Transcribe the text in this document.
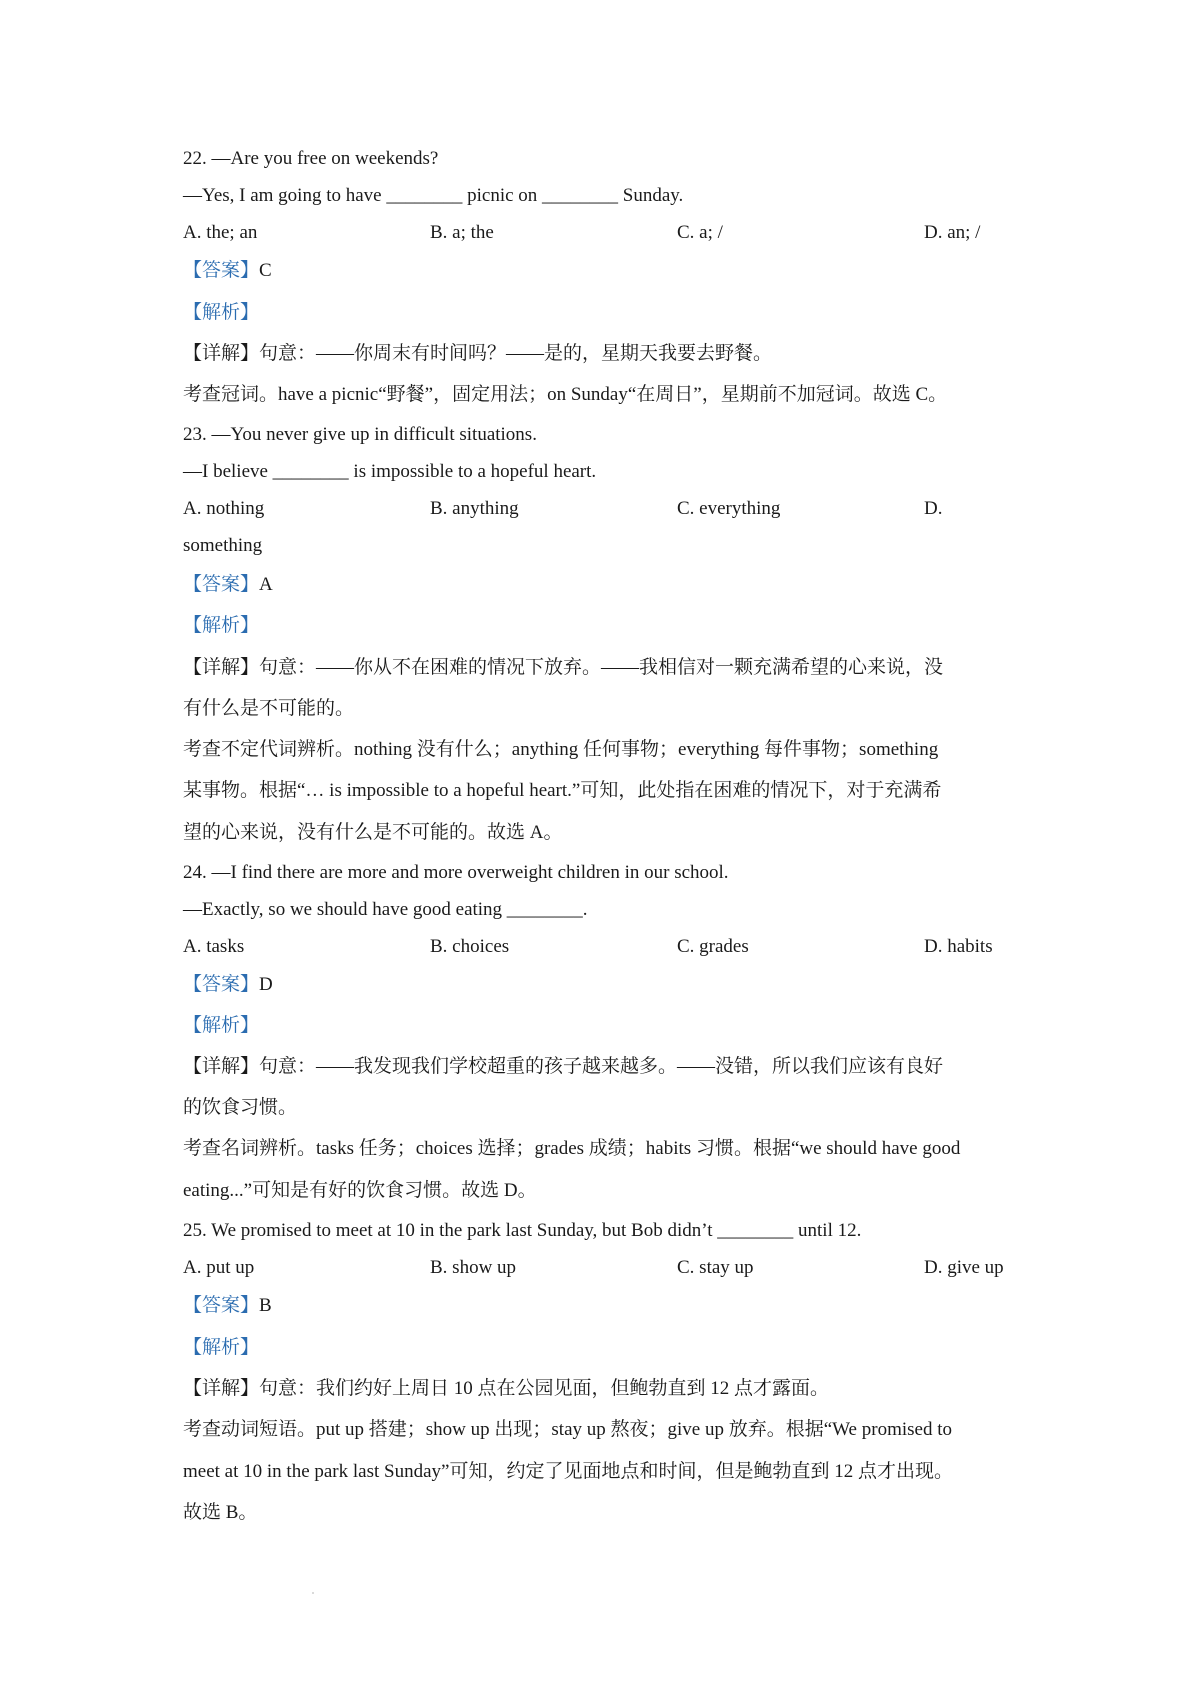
22. —Are you free on weekends?
—Yes, I am going to have ________ picnic on ________ Sunday.
A. the; an	B. a; the	C. a; /	D. an; /
【答案】C
【解析】
【详解】句意：——你周末有时间吗？——是的，星期天我要去野餐。
考查冠词。have a picnic“野餐”，固定用法；on Sunday“在周日”，星期前不加冠词。故选 C。
23. —You never give up in difficult situations.
—I believe ________ is impossible to a hopeful heart.
A. nothing	B. anything	C. everything	D.
something
【答案】A
【解析】
【详解】句意：——你从不在困难的情况下放弃。——我相信对一颗充满希望的心来说，没
有什么是不可能的。
考查不定代词辨析。nothing 没有什么；anything 任何事物；everything 每件事物；something
某事物。根据“… is impossible to a hopeful heart.”可知，此处指在困难的情况下，对于充满希
望的心来说，没有什么是不可能的。故选 A。
24. —I find there are more and more overweight children in our school.
—Exactly, so we should have good eating ________.
A. tasks	B. choices	C. grades	D. habits
【答案】D
【解析】
【详解】句意：——我发现我们学校超重的孩子越来越多。——没错，所以我们应该有良好
的饮食习惯。
考查名词辨析。tasks 任务；choices 选择；grades 成绩；habits 习惯。根据“we should have good
eating...”可知是有好的饮食习惯。故选 D。
25. We promised to meet at 10 in the park last Sunday, but Bob didn’t ________ until 12.
A. put up	B. show up	C. stay up	D. give up
【答案】B
【解析】
【详解】句意：我们约好上周日 10 点在公园见面，但鲍勃直到 12 点才露面。
考查动词短语。put up 搭建；show up 出现；stay up 熬夜；give up 放弃。根据“We promised to
meet at 10 in the park last Sunday”可知，约定了见面地点和时间，但是鲍勃直到 12 点才出现。
故选 B。
